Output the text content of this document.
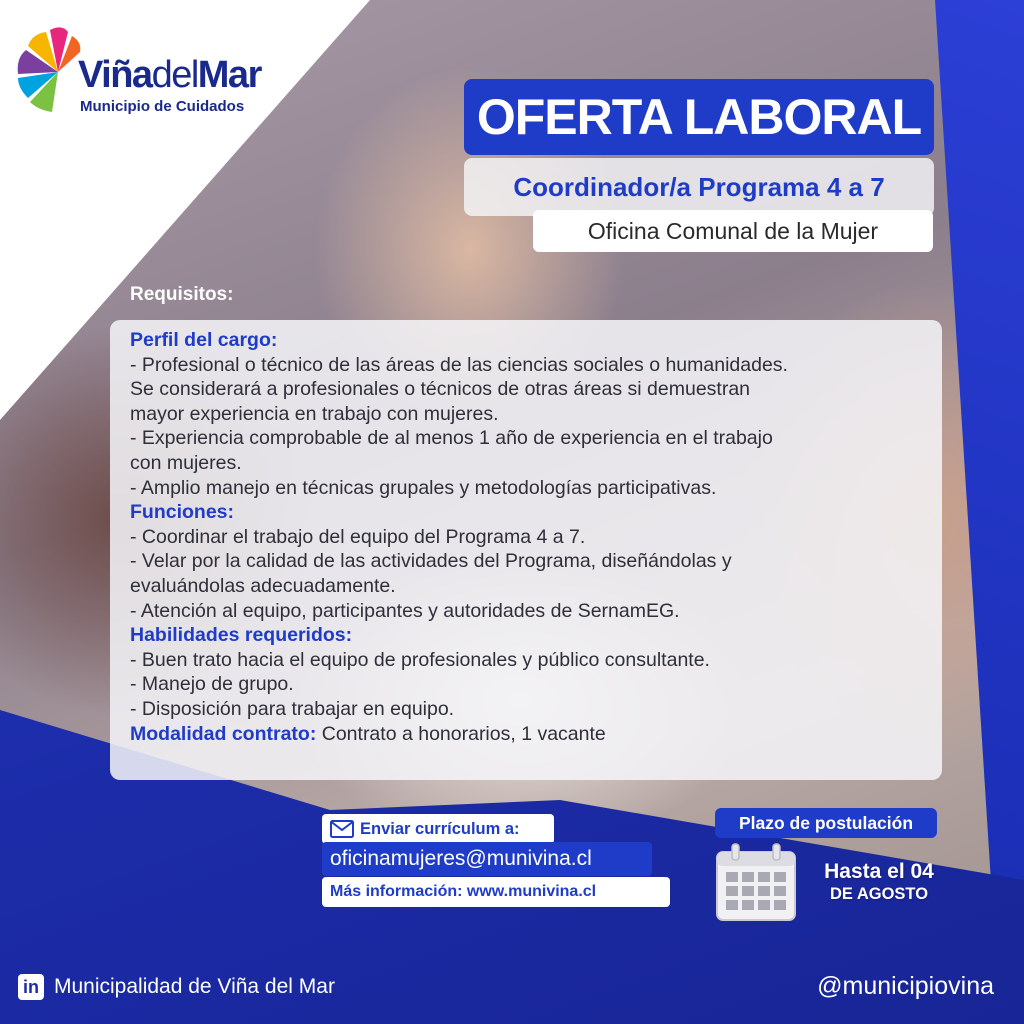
ViñadelMar
Municipio de Cuidados	OFERTA LABORAL
Coordinador/a Programa 4 a 7
Oficina Comunal de la Mujer
Requisitos:
Perfil del cargo:
- Profesional o técnico de las áreas de las ciencias sociales o humanidades.
Se considerará a profesionales o técnicos de otras áreas si demuestran
mayor experiencia en trabajo con mujeres.
- Experiencia comprobable de al menos 1 año de experiencia en el trabajo
con mujeres.
- Amplio manejo en técnicas grupales y metodologías participativas.
Funciones:
- Coordinar el trabajo del equipo del Programa 4 a 7.
- Velar por la calidad de las actividades del Programa, diseñándolas y
evaluándolas adecuadamente.
- Atención al equipo, participantes y autoridades de SernamEG.
Habilidades requeridos:
- Buen trato hacia el equipo de profesionales y público consultante.
- Manejo de grupo.
- Disposición para trabajar en equipo.
Modalidad contrato: Contrato a honorarios, 1 vacante
Enviar currículum a:
oficinamujeres@munivina.cl
Más información: www.munivina.cl
Plazo de postulación
Hasta el 04
DE AGOSTO
in Municipalidad de Viña del Mar	@municipiovina
